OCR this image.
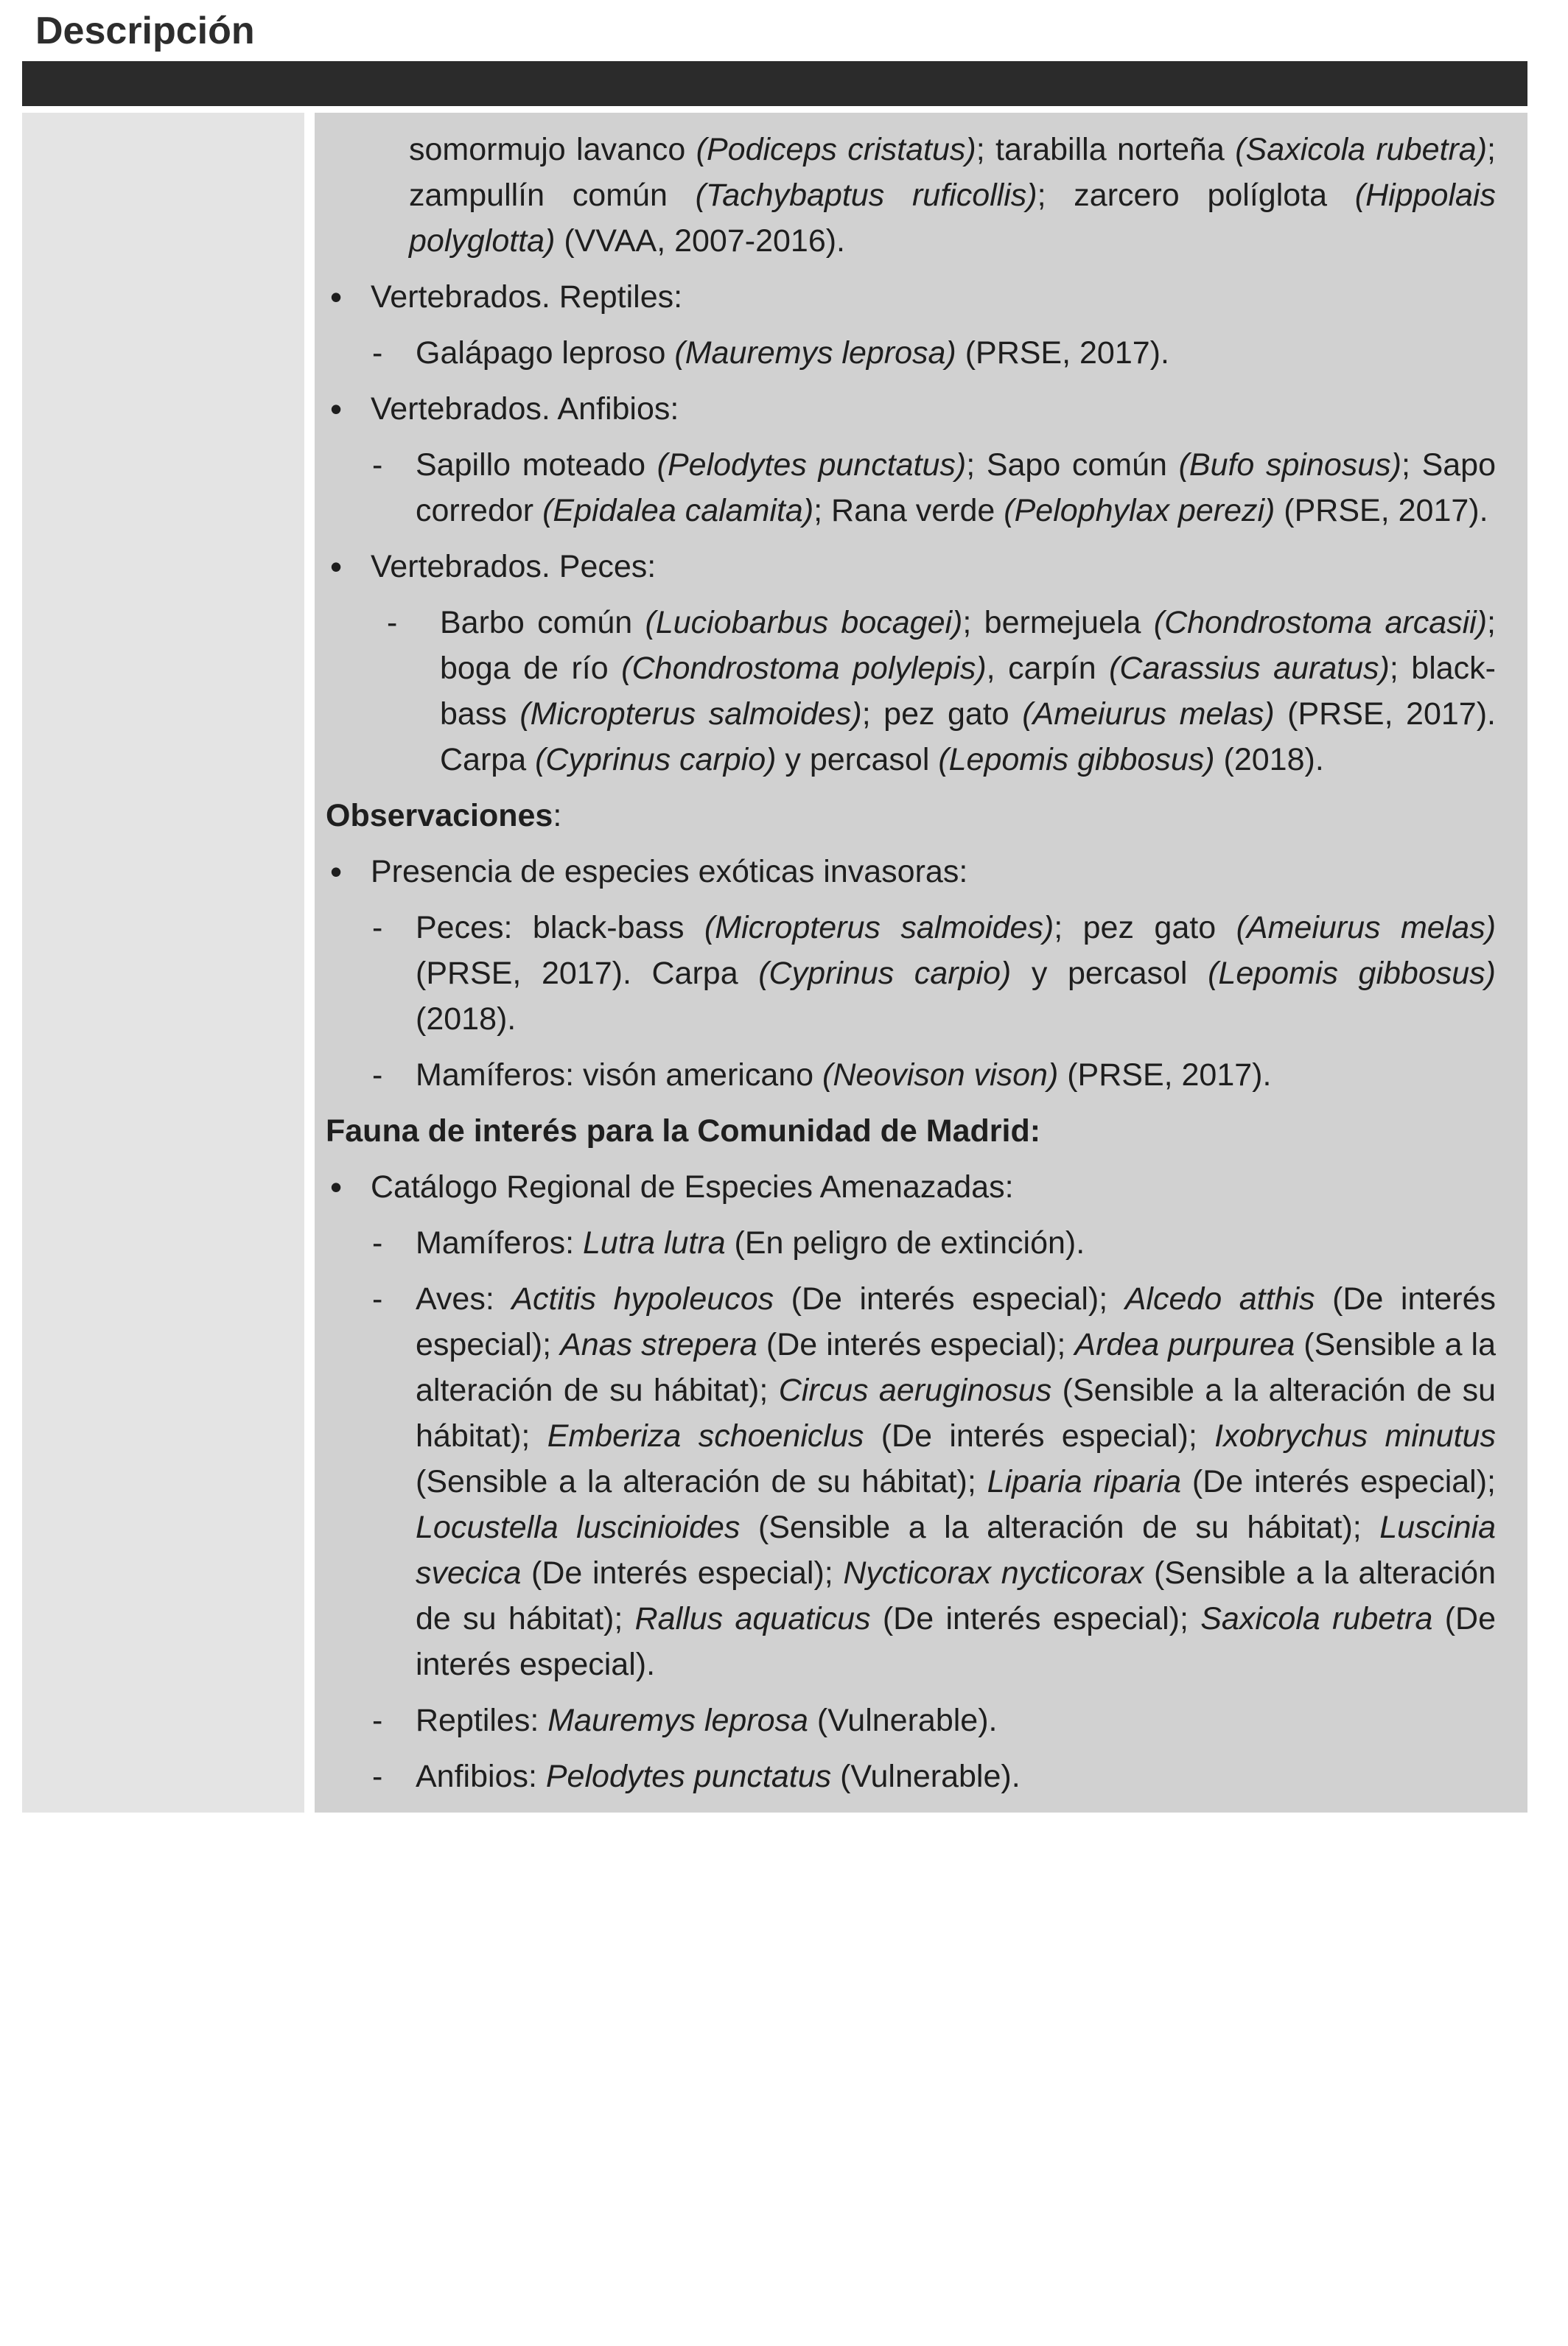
Descripción
somormujo lavanco (Podiceps cristatus); tarabilla norteña (Saxicola rubetra); zampullín común (Tachybaptus ruficollis); zarcero políglota (Hippolais polyglotta) (VVAA, 2007-2016).
• Vertebrados. Reptiles:
- Galápago leproso (Mauremys leprosa) (PRSE, 2017).
• Vertebrados. Anfibios:
- Sapillo moteado (Pelodytes punctatus); Sapo común (Bufo spinosus); Sapo corredor (Epidalea calamita); Rana verde (Pelophylax perezi) (PRSE, 2017).
• Vertebrados. Peces:
- Barbo común (Luciobarbus bocagei); bermejuela (Chondrostoma arcasii); boga de río (Chondrostoma polylepis), carpín (Carassius auratus); black-bass (Micropterus salmoides); pez gato (Ameiurus melas) (PRSE, 2017). Carpa (Cyprinus carpio) y percasol (Lepomis gibbosus) (2018).
Observaciones:
• Presencia de especies exóticas invasoras:
- Peces: black-bass (Micropterus salmoides); pez gato (Ameiurus melas) (PRSE, 2017). Carpa (Cyprinus carpio) y percasol (Lepomis gibbosus) (2018).
- Mamíferos: visón americano (Neovison vison) (PRSE, 2017).
Fauna de interés para la Comunidad de Madrid:
• Catálogo Regional de Especies Amenazadas:
- Mamíferos: Lutra lutra (En peligro de extinción).
- Aves: Actitis hypoleucos (De interés especial); Alcedo atthis (De interés especial); Anas strepera (De interés especial); Ardea purpurea (Sensible a la alteración de su hábitat); Circus aeruginosus (Sensible a la alteración de su hábitat); Emberiza schoeniclus (De interés especial); Ixobrychus minutus (Sensible a la alteración de su hábitat); Liparia riparia (De interés especial); Locustella luscinioides (Sensible a la alteración de su hábitat); Luscinia svecica (De interés especial); Nycticorax nycticorax (Sensible a la alteración de su hábitat); Rallus aquaticus (De interés especial); Saxicola rubetra (De interés especial).
- Reptiles: Mauremys leprosa (Vulnerable).
- Anfibios: Pelodytes punctatus (Vulnerable).
